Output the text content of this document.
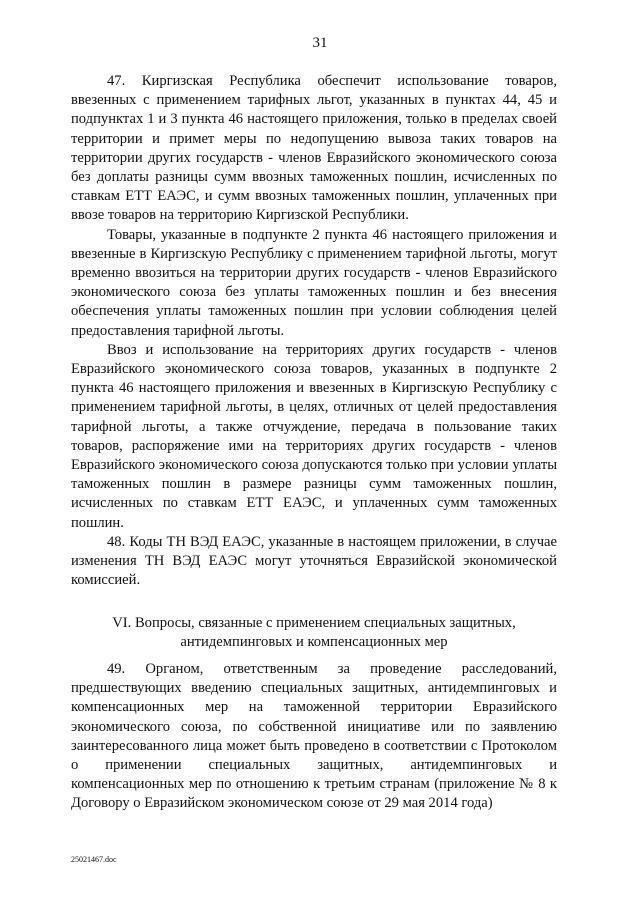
31

47. Киргизская Республика обеспечит использование товаров, ввезенных с применением тарифных льгот, указанных в пунктах 44, 45 и подпунктах 1 и 3 пункта 46 настоящего приложения, только в пределах своей территории и примет меры по недопущению вывоза таких товаров на территории других государств - членов Евразийского экономического союза без доплаты разницы сумм ввозных таможенных пошлин, исчисленных по ставкам ЕТТ ЕАЭС, и сумм ввозных таможенных пошлин, уплаченных при ввозе товаров на территорию Киргизской Республики.

Товары, указанные в подпункте 2 пункта 46 настоящего приложения и ввезенные в Киргизскую Республику с применением тарифной льготы, могут временно ввозиться на территории других государств - членов Евразийского экономического союза без уплаты таможенных пошлин и без внесения обеспечения уплаты таможенных пошлин при условии соблюдения целей предоставления тарифной льготы.

Ввоз и использование на территориях других государств - членов Евразийского экономического союза товаров, указанных в подпункте 2 пункта 46 настоящего приложения и ввезенных в Киргизскую Республику с применением тарифной льготы, в целях, отличных от целей предоставления тарифной льготы, а также отчуждение, передача в пользование таких товаров, распоряжение ими на территориях других государств - членов Евразийского экономического союза допускаются только при условии уплаты таможенных пошлин в размере разницы сумм таможенных пошлин, исчисленных по ставкам ЕТТ ЕАЭС, и уплаченных сумм таможенных пошлин.

48. Коды ТН ВЭД ЕАЭС, указанные в настоящем приложении, в случае изменения ТН ВЭД ЕАЭС могут уточняться Евразийской экономической комиссией.

VI. Вопросы, связанные с применением специальных защитных,
антидемпинговых и компенсационных мер

49. Органом, ответственным за проведение расследований, предшествующих введению специальных защитных, антидемпинговых и компенсационных мер на таможенной территории Евразийского экономического союза, по собственной инициативе или по заявлению заинтересованного лица может быть проведено в соответствии с Протоколом о применении специальных защитных, антидемпинговых и компенсационных мер по отношению к третьим странам (приложение № 8 к Договору о Евразийском экономическом союзе от 29 мая 2014 года)

25021467.doc
